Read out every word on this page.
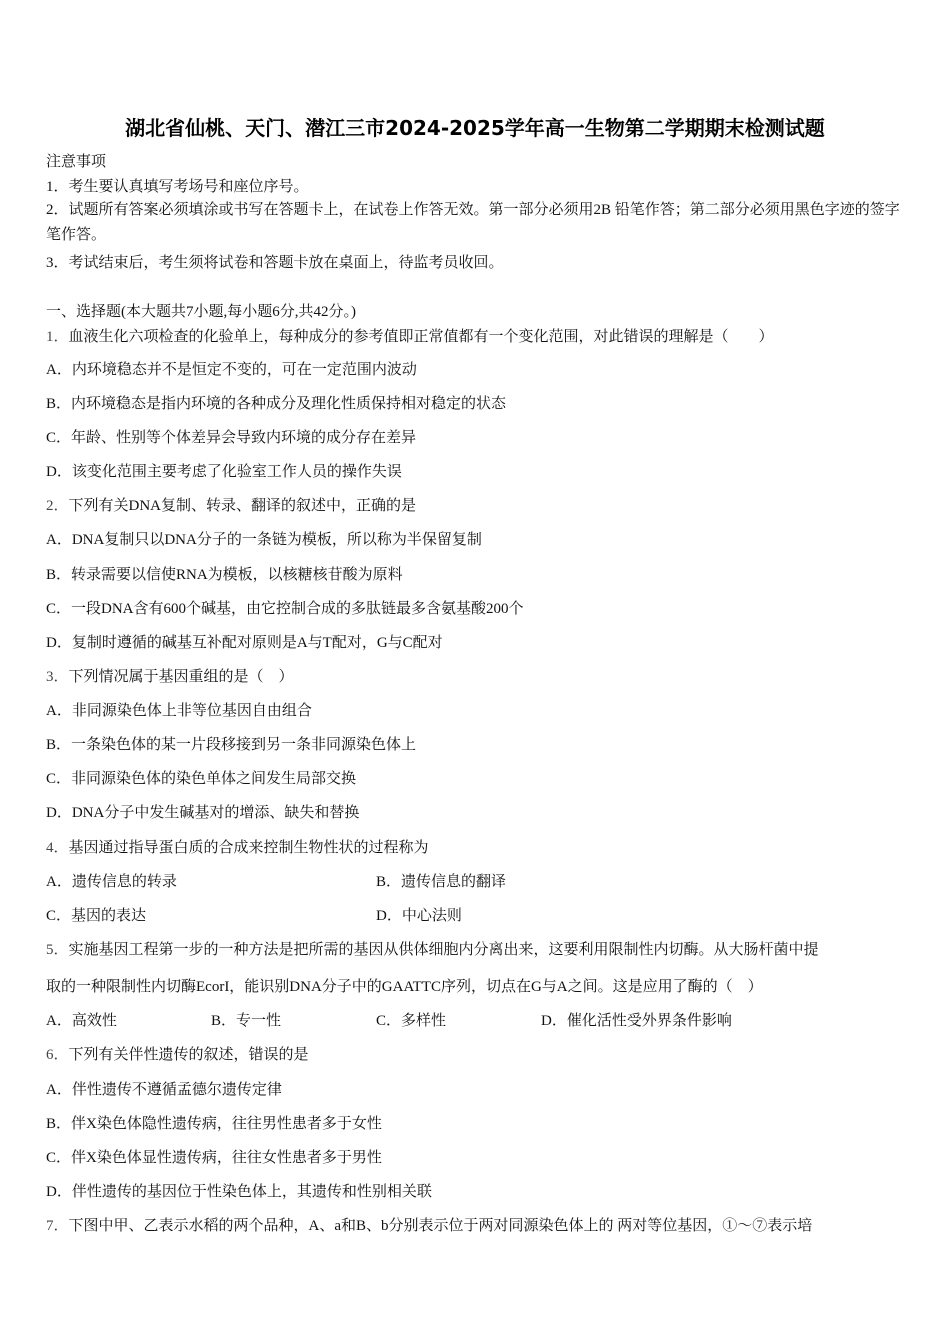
湖北省仙桃、天门、潜江三市2024-2025学年高一生物第二学期期末检测试题
注意事项
1．考生要认真填写考场号和座位序号。
2．试题所有答案必须填涂或书写在答题卡上，在试卷上作答无效。第一部分必须用2B 铅笔作答；第二部分必须用黑色字迹的签字笔作答。
3．考试结束后，考生须将试卷和答题卡放在桌面上，待监考员收回。
一、选择题(本大题共7小题,每小题6分,共42分。)
1．血液生化六项检查的化验单上，每种成分的参考值即正常值都有一个变化范围，对此错误的理解是（　　）
A．内环境稳态并不是恒定不变的，可在一定范围内波动
B．内环境稳态是指内环境的各种成分及理化性质保持相对稳定的状态
C．年龄、性别等个体差异会导致内环境的成分存在差异
D．该变化范围主要考虑了化验室工作人员的操作失误
2．下列有关DNA复制、转录、翻译的叙述中，正确的是
A．DNA复制只以DNA分子的一条链为模板，所以称为半保留复制
B．转录需要以信使RNA为模板，以核糖核苷酸为原料
C．一段DNA含有600个碱基，由它控制合成的多肽链最多含氨基酸200个
D．复制时遵循的碱基互补配对原则是A与T配对，G与C配对
3．下列情况属于基因重组的是（　）
A．非同源染色体上非等位基因自由组合
B．一条染色体的某一片段移接到另一条非同源染色体上
C．非同源染色体的染色单体之间发生局部交换
D．DNA分子中发生碱基对的增添、缺失和替换
4．基因通过指导蛋白质的合成来控制生物性状的过程称为
A．遗传信息的转录	B．遗传信息的翻译
C．基因的表达	D．中心法则
5．实施基因工程第一步的一种方法是把所需的基因从供体细胞内分离出来，这要利用限制性内切酶。从大肠杆菌中提
取的一种限制性内切酶EcorI，能识别DNA分子中的GAATTC序列，切点在G与A之间。这是应用了酶的（　）
A．高效性	B．专一性	C．多样性	D．催化活性受外界条件影响
6．下列有关伴性遗传的叙述，错误的是
A．伴性遗传不遵循孟德尔遗传定律
B．伴X染色体隐性遗传病，往往男性患者多于女性
C．伴X染色体显性遗传病，往往女性患者多于男性
D．伴性遗传的基因位于性染色体上，其遗传和性别相关联
7．下图中甲、乙表示水稻的两个品种，A、a和B、b分别表示位于两对同源染色体上的 两对等位基因，①～⑦表示培
